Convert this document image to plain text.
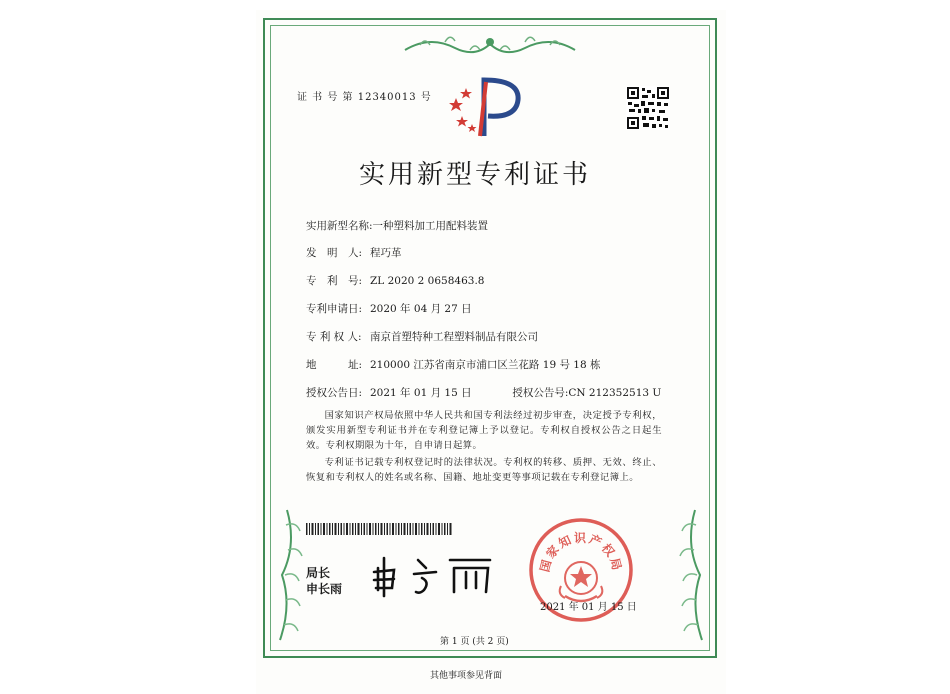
证 书 号 第 12340013 号
实用新型专利证书
实用新型名称:一种塑料加工用配料装置
发　明　人: 程巧革
专　利　号: ZL 2020 2 0658463.8
专利申请日: 2020 年 04 月 27 日
专 利 权 人: 南京首塑特种工程塑料制品有限公司
地　　　址: 210000 江苏省南京市浦口区兰花路 19 号 18 栋
授权公告日: 2021 年 01 月 15 日	授权公告号:CN 212352513 U

国家知识产权局依照中华人民共和国专利法经过初步审查，决定授予专利权，颁发实用新型专利证书并在专利登记簿上予以登记。专利权自授权公告之日起生效。专利权期限为十年，自申请日起算。

专利证书记载专利权登记时的法律状况。专利权的转移、质押、无效、终止、恢复和专利权人的姓名或名称、国籍、地址变更等事项记载在专利登记簿上。

局长
申长雨
国家知识产权局
2021 年 01 月 15 日
第 1 页 (共 2 页)
其他事项参见背面
